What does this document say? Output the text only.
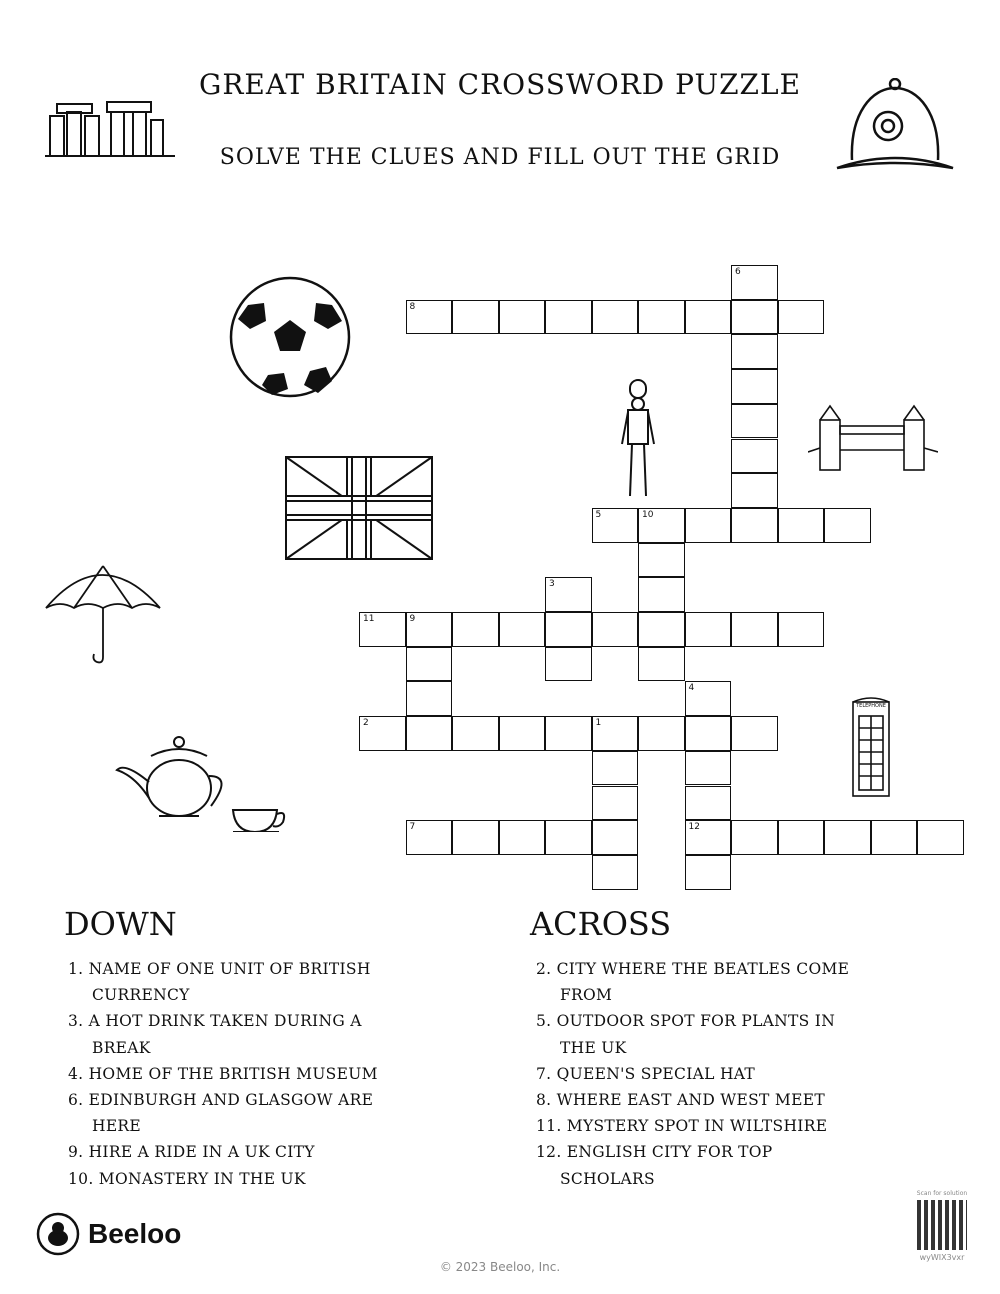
GREAT BRITAIN CROSSWORD PUZZLE
SOLVE THE CLUES AND FILL OUT THE GRID
TELEPHONE
8
6
5	10
3
11	9
4
12
2	1
7
DOWN
1. NAME OF ONE UNIT OF BRITISH CURRENCY
3. A HOT DRINK TAKEN DURING A BREAK
4. HOME OF THE BRITISH MUSEUM
6. EDINBURGH AND GLASGOW ARE HERE
9. HIRE A RIDE IN A UK CITY
10. MONASTERY IN THE UK
ACROSS
2. CITY WHERE THE BEATLES COME FROM
5. OUTDOOR SPOT FOR PLANTS IN THE UK
7. QUEEN'S SPECIAL HAT
8. WHERE EAST AND WEST MEET
11. MYSTERY SPOT IN WILTSHIRE
12. ENGLISH CITY FOR TOP SCHOLARS
Beeloo
© 2023 Beeloo, Inc.
Scan for solution
wyWIX3vxr
